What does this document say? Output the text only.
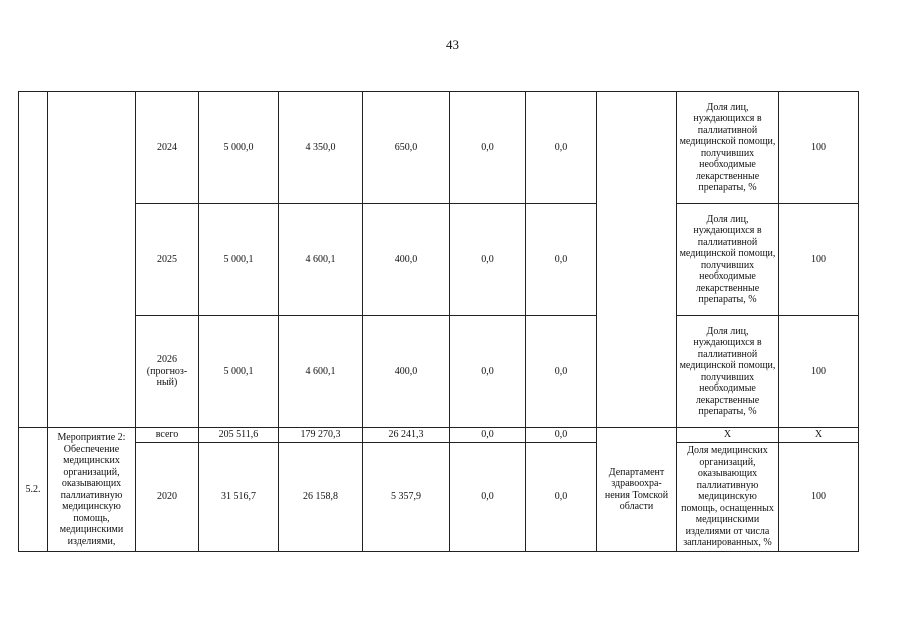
43
		2024	5 000,0	4 350,0	650,0	0,0	0,0		Доля лиц, нуждающихся в паллиативной медицинской помощи, получивших необходимые лекарственные препараты, %	100
		2025	5 000,1	4 600,1	400,0	0,0	0,0		Доля лиц, нуждающихся в паллиативной медицинской помощи, получивших необходимые лекарственные препараты, %	100

		2026 (прогноз-ный)	5 000,1	4 600,1	400,0	0,0	0,0		Доля лиц, нуждающихся в паллиативной медицинской помощи, получивших необходимые лекарственные препараты, %	100
5.2.	Мероприятие 2: Обеспечение медицинских организаций, оказывающих паллиативную медицинскую помощь, медицинскими изделиями,	всего	205 511,6	179 270,3	26 241,3	0,0	0,0	Департамент здравоохра-нения Томской области	X	X
		2020	31 516,7	26 158,8	5 357,9	0,0	0,0		Доля медицинских организаций, оказывающих паллиативную медицинскую помощь, оснащенных медицинскими изделиями от числа запланированных, %	100
